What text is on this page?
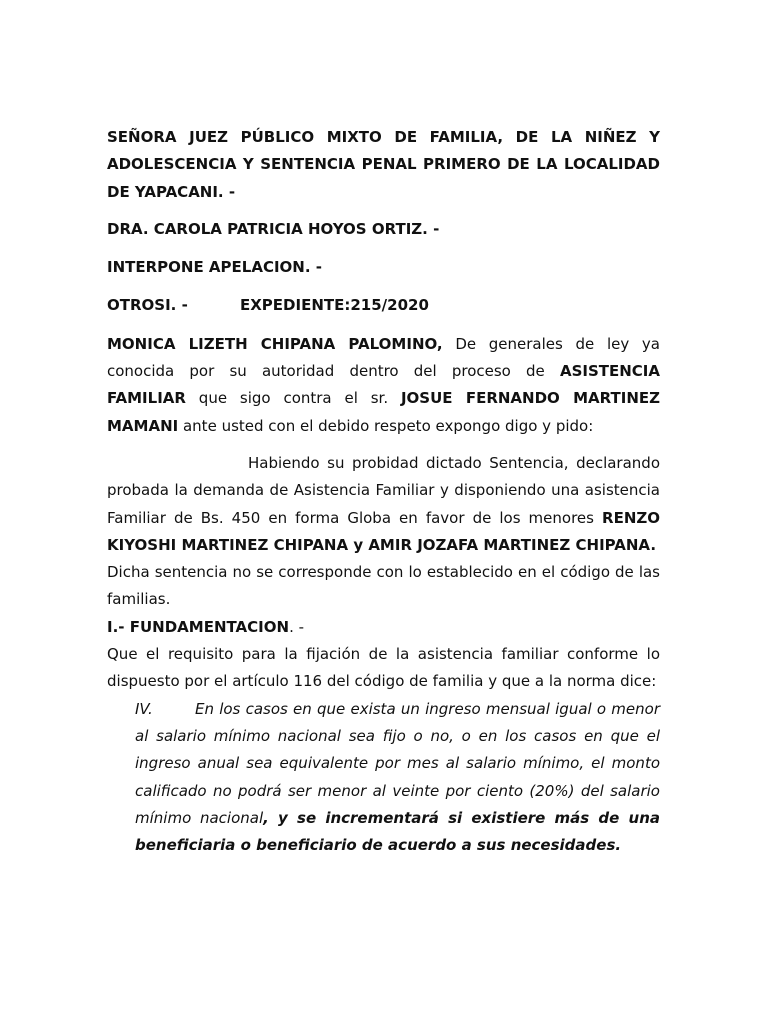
SEÑORA JUEZ PÚBLICO MIXTO DE FAMILIA, DE LA NIÑEZ Y ADOLESCENCIA Y SENTENCIA PENAL PRIMERO DE LA LOCALIDAD DE YAPACANI. -

DRA. CAROLA PATRICIA HOYOS ORTIZ. -

INTERPONE APELACION. -

OTROSI. -	EXPEDIENTE:215/2020

MONICA LIZETH CHIPANA PALOMINO, De generales de ley ya conocida por su autoridad dentro del proceso de ASISTENCIA FAMILIAR que sigo contra el sr. JOSUE FERNANDO MARTINEZ MAMANI ante usted con el debido respeto expongo digo y pido:

Habiendo su probidad dictado Sentencia, declarando probada la demanda de Asistencia Familiar y disponiendo una asistencia Familiar de Bs. 450 en forma Globa en favor de los menores RENZO KIYOSHI MARTINEZ CHIPANA y AMIR JOZAFA MARTINEZ CHIPANA.

Dicha sentencia no se corresponde con lo establecido en el código de las familias.

I.- FUNDAMENTACION. -

Que el requisito para la fijación de la asistencia familiar conforme lo dispuesto por el artículo 116 del código de familia y que a la norma dice:

IV.	En los casos en que exista un ingreso mensual igual o menor al salario mínimo nacional sea fijo o no, o en los casos en que el ingreso anual sea equivalente por mes al salario mínimo, el monto calificado no podrá ser menor al veinte por ciento (20%) del salario mínimo nacional, y se incrementará si existiere más de una beneficiaria o beneficiario de acuerdo a sus necesidades.
